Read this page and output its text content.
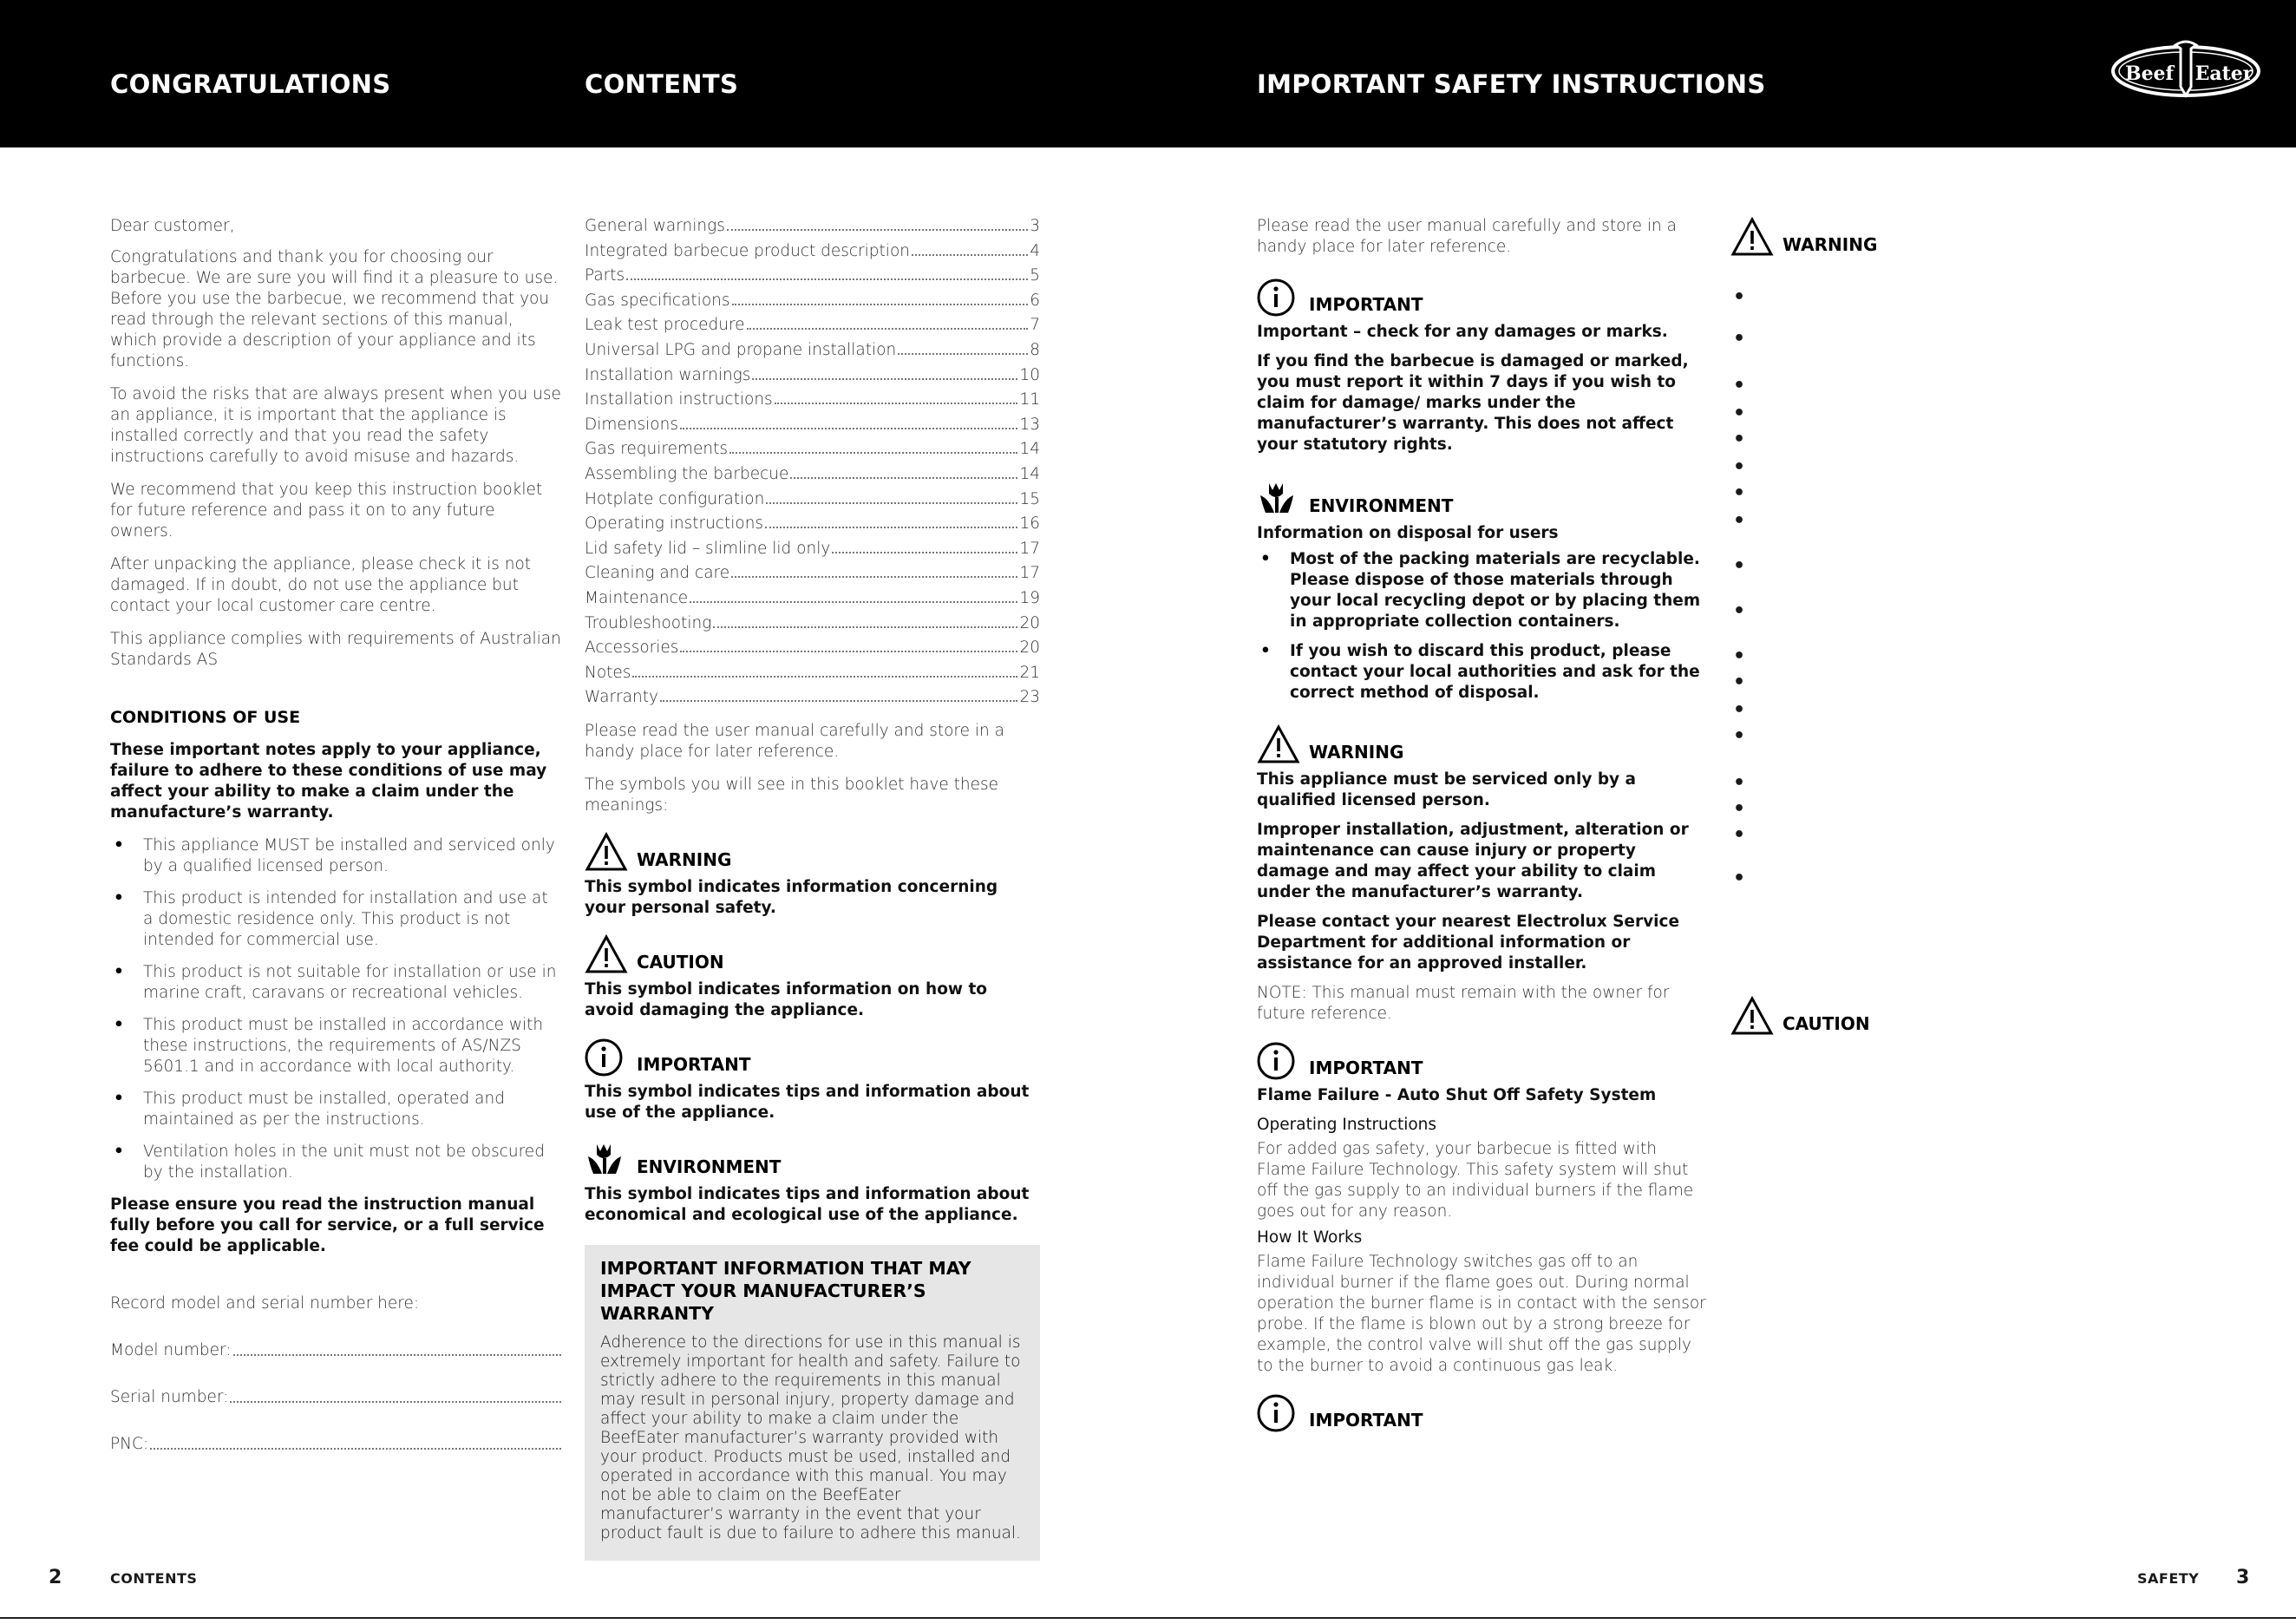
CONGRATULATIONS	CONTENTS	IMPORTANT SAFETY INSTRUCTIONS	Beef Eater

Dear customer,

Congratulations and thank you for choosing our barbecue. We are sure you will find it a pleasure to use. Before you use the barbecue, we recommend that you read through the relevant sections of this manual, which provide a description of your appliance and its functions.

To avoid the risks that are always present when you use an appliance, it is important that the appliance is installed correctly and that you read the safety instructions carefully to avoid misuse and hazards.

We recommend that you keep this instruction booklet for future reference and pass it on to any future owners.

After unpacking the appliance, please check it is not damaged. If in doubt, do not use the appliance but contact your local customer care centre.

This appliance complies with requirements of Australian Standards AS

CONDITIONS OF USE

These important notes apply to your appliance, failure to adhere to these conditions of use may affect your ability to make a claim under the manufacture’s warranty.

• This appliance MUST be installed and serviced only by a qualified licensed person.
• This product is intended for installation and use at a domestic residence only. This product is not intended for commercial use.
• This product is not suitable for installation or use in marine craft, caravans or recreational vehicles.
• This product must be installed in accordance with these instructions, the requirements of AS/NZS 5601.1 and in accordance with local authority.
• This product must be installed, operated and maintained as per the instructions.
• Ventilation holes in the unit must not be obscured by the installation.

Please ensure you read the instruction manual fully before you call for service, or a full service fee could be applicable.

Record model and serial number here:

Model number:
Serial number:
PNC:
General warnings	3
Integrated barbecue product description	4
Parts	5
Gas specifications	6
Leak test procedure	7
Universal LPG and propane installation	8
Installation warnings	10
Installation instructions	11
Dimensions	13
Gas requirements	14
Assembling the barbecue	14
Hotplate configuration	15
Operating instructions	16
Lid safety lid – slimline lid only	17
Cleaning and care	17
Maintenance	19
Troubleshooting	20
Accessories	20
Notes	21
Warranty	23

Please read the user manual carefully and store in a handy place for later reference.

The symbols you will see in this booklet have these meanings:

WARNING

This symbol indicates information concerning your personal safety.

CAUTION

This symbol indicates information on how to avoid damaging the appliance.

IMPORTANT

This symbol indicates tips and information about use of the appliance.

ENVIRONMENT

This symbol indicates tips and information about economical and ecological use of the appliance.

IMPORTANT INFORMATION THAT MAY IMPACT YOUR MANUFACTURER’S WARRANTY

Adherence to the directions for use in this manual is extremely important for health and safety. Failure to strictly adhere to the requirements in this manual may result in personal injury, property damage and affect your ability to make a claim under the BeefEater manufacturer’s warranty provided with your product. Products must be used, installed and operated in accordance with this manual. You may not be able to claim on the BeefEater manufacturer’s warranty in the event that your product fault is due to failure to adhere this manual.

Please read the user manual carefully and store in a handy place for later reference.

IMPORTANT

Important – check for any damages or marks.

If you find the barbecue is damaged or marked, you must report it within 7 days if you wish to claim for damage/ marks under the manufacturer’s warranty. This does not affect your statutory rights.

ENVIRONMENT

Information on disposal for users

• Most of the packing materials are recyclable. Please dispose of those materials through your local recycling depot or by placing them in appropriate collection containers.
• If you wish to discard this product, please contact your local authorities and ask for the correct method of disposal.
WARNING

This appliance must be serviced only by a qualified licensed person.

Improper installation, adjustment, alteration or maintenance can cause injury or property damage and may affect your ability to claim under the manufacturer’s warranty.

Please contact your nearest Electrolux Service Department for additional information or assistance for an approved installer.

NOTE: This manual must remain with the owner for future reference.

IMPORTANT

Flame Failure - Auto Shut Off Safety System

Operating Instructions

For added gas safety, your barbecue is fitted with Flame Failure Technology. This safety system will shut off the gas supply to an individual burners if the flame goes out for any reason.

How It Works

Flame Failure Technology switches gas off to an individual burner if the flame goes out. During normal operation the burner flame is in contact with the sensor probe. If the flame is blown out by a strong breeze for example, the control valve will shut off the gas supply to the burner to avoid a continuous gas leak.

IMPORTANT
WARNING
•
•
•
•
•
•
•
•
•
•
•
•
•
•
•
•
•
•
CAUTION
2	CONTENTS	SAFETY 3
